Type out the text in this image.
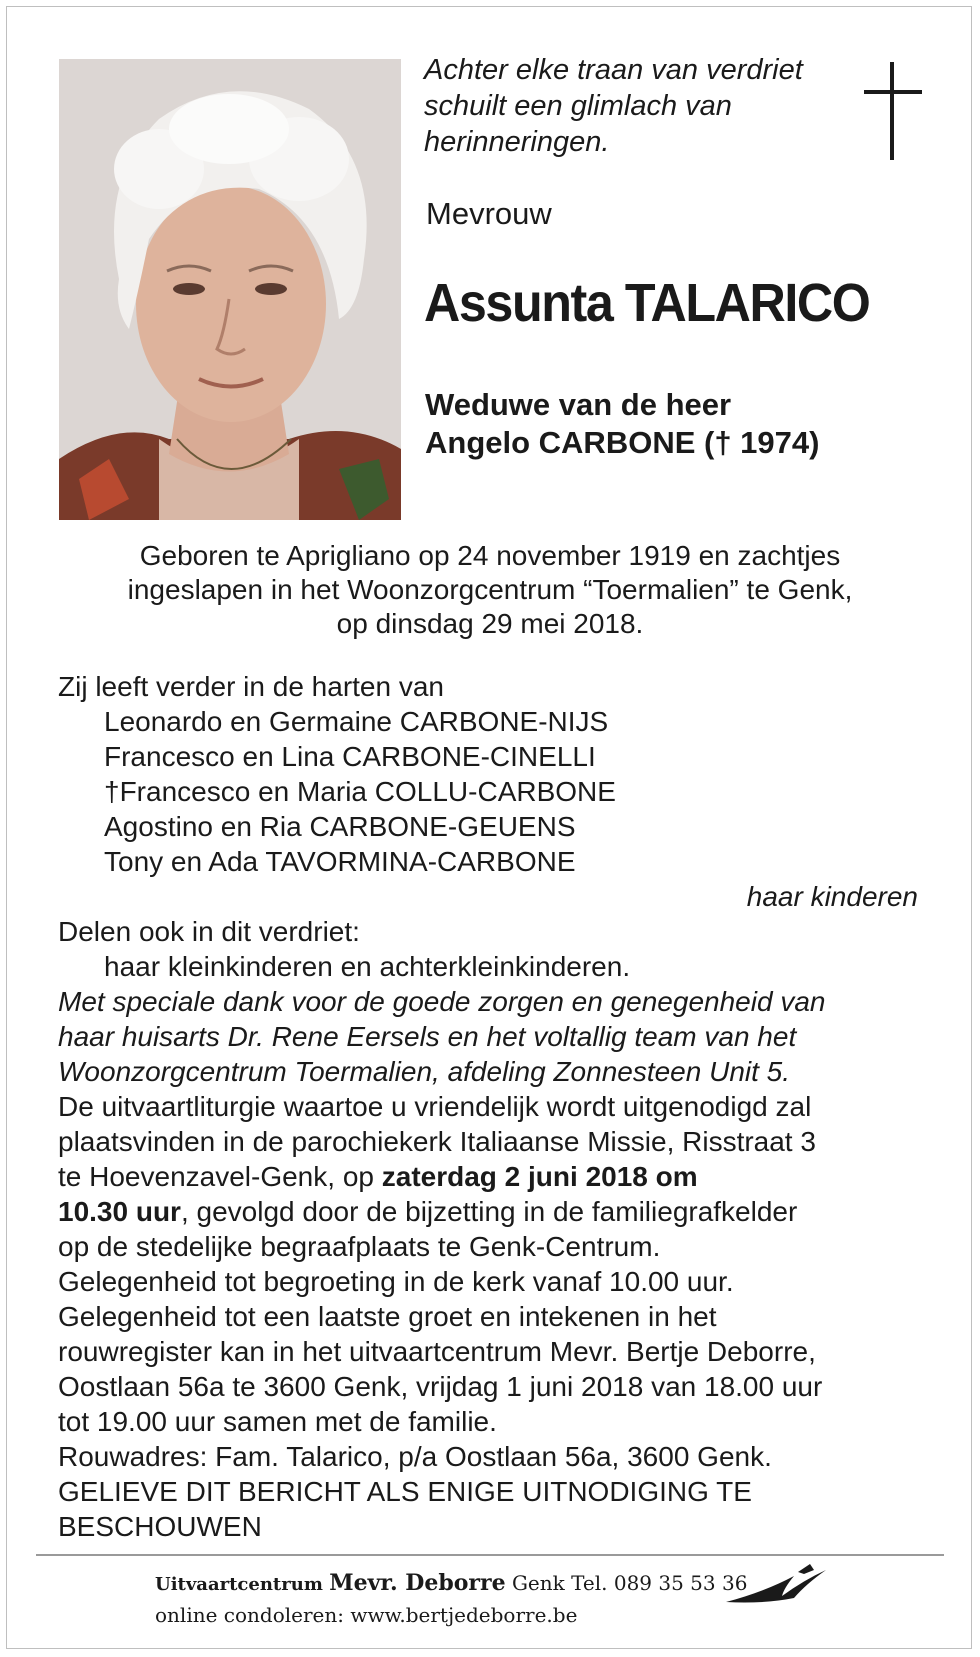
Achter elke traan van verdriet
schuilt een glimlach van
herinneringen.
Mevrouw
Assunta TALARICO
Weduwe van de heer
Angelo CARBONE († 1974)
Geboren te Aprigliano op 24 november 1919 en zachtjes
ingeslapen in het Woonzorgcentrum “Toermalien” te Genk,
op dinsdag 29 mei 2018.
Zij leeft verder in de harten van
Leonardo en Germaine CARBONE-NIJS
Francesco en Lina CARBONE-CINELLI
†Francesco en Maria COLLU-CARBONE
Agostino en Ria CARBONE-GEUENS
Tony en Ada TAVORMINA-CARBONE
haar kinderen
Delen ook in dit verdriet:
haar kleinkinderen en achterkleinkinderen.
Met speciale dank voor de goede zorgen en genegenheid van
haar huisarts Dr. Rene Eersels en het voltallig team van het
Woonzorgcentrum Toermalien, afdeling Zonnesteen Unit 5.
De uitvaartliturgie waartoe u vriendelijk wordt uitgenodigd zal
plaatsvinden in de parochiekerk Italiaanse Missie, Risstraat 3
te Hoevenzavel-Genk, op zaterdag 2 juni 2018 om
10.30 uur, gevolgd door de bijzetting in de familiegrafkelder
op de stedelijke begraafplaats te Genk-Centrum.
Gelegenheid tot begroeting in de kerk vanaf 10.00 uur.
Gelegenheid tot een laatste groet en intekenen in het
rouwregister kan in het uitvaartcentrum Mevr. Bertje Deborre,
Oostlaan 56a te 3600 Genk, vrijdag 1 juni 2018 van 18.00 uur
tot 19.00 uur samen met de familie.
Rouwadres: Fam. Talarico, p/a Oostlaan 56a, 3600 Genk.
GELIEVE DIT BERICHT ALS ENIGE UITNODIGING TE
BESCHOUWEN
Uitvaartcentrum Mevr. Deborre Genk Tel. 089 35 53 36
online condoleren: www.bertjedeborre.be
